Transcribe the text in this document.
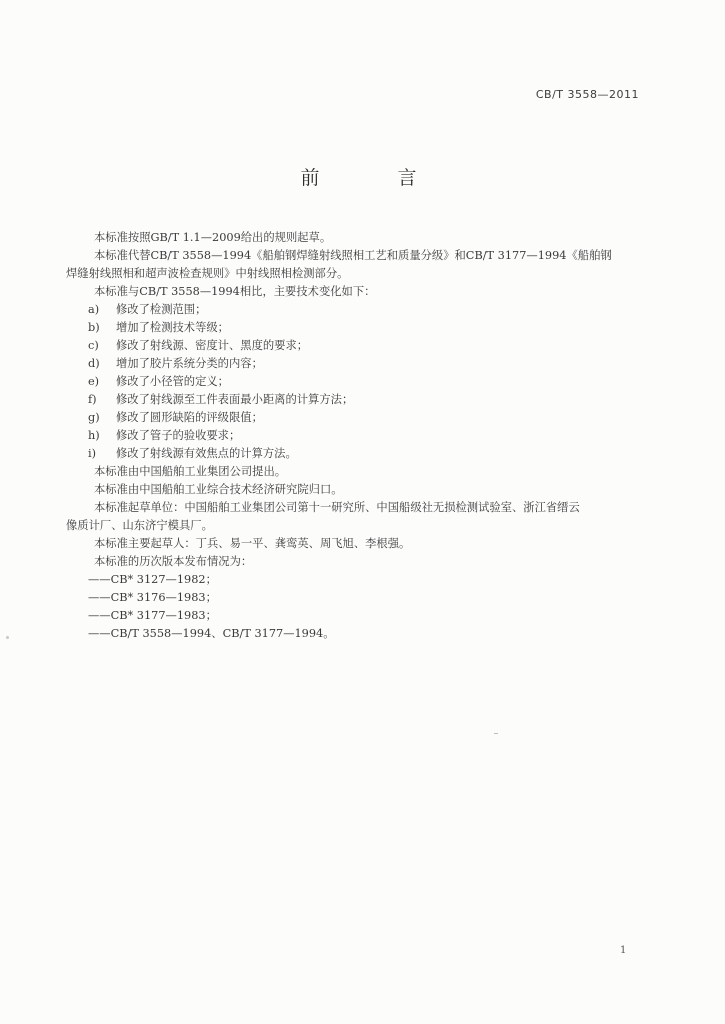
CB/T 3558—2011
前 言

本标准按照GB/T 1.1—2009给出的规则起草。

本标准代替CB/T 3558—1994《船舶钢焊缝射线照相工艺和质量分级》和CB/T 3177—1994《船舶钢

焊缝射线照相和超声波检查规则》中射线照相检测部分。

本标准与CB/T 3558—1994相比，主要技术变化如下：

a)	修改了检测范围；
b)	增加了检测技术等级；
c)	修改了射线源、密度计、黑度的要求；
d)	增加了胶片系统分类的内容；
e)	修改了小径管的定义；
f)	修改了射线源至工件表面最小距离的计算方法；
g)	修改了圆形缺陷的评级限值；
h)	修改了管子的验收要求；
i)	修改了射线源有效焦点的计算方法。

本标准由中国船舶工业集团公司提出。

本标准由中国船舶工业综合技术经济研究院归口。

本标准起草单位：中国船舶工业集团公司第十一研究所、中国船级社无损检测试验室、浙江省缙云

像质计厂、山东济宁模具厂。

本标准主要起草人：丁兵、易一平、龚鸾英、周飞旭、李根强。

本标准的历次版本发布情况为：

——CB* 3127—1982；

——CB* 3176—1983；

——CB* 3177—1983；

——CB/T 3558—1994、CB/T 3177—1994。

1
